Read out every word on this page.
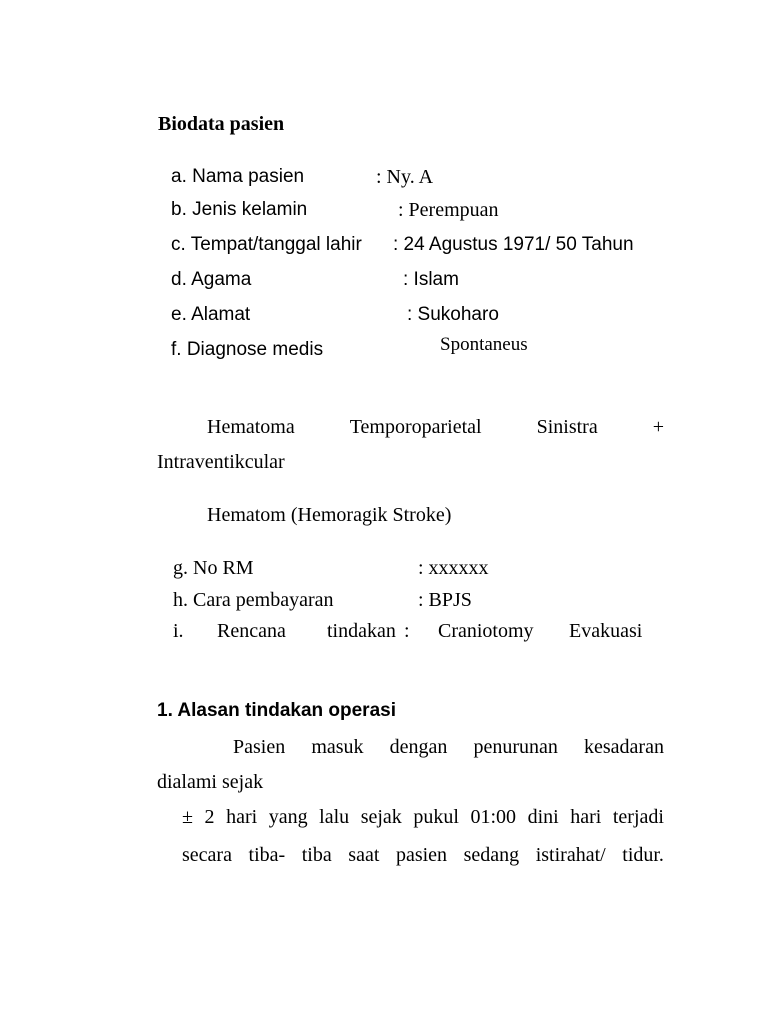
Biodata pasien
a. Nama pasien	: Ny. A
b. Jenis kelamin	: Perempuan
c. Tempat/tanggal lahir : 24 Agustus 1971/ 50 Tahun
d. Agama	: Islam
e. Alamat	: Sukoharo
f. Diagnose medis	Spontaneus
Hematoma	Temporoparietal	Sinistra	+
Intraventikcular
Hematom (Hemoragik Stroke)
g. No RM	: xxxxxx
h. Cara pembayaran	: BPJS
i. Rencana tindakan : Craniotomy Evakuasi
1. Alasan tindakan operasi
Pasien masuk dengan penurunan kesadaran
dialami sejak
± 2 hari yang lalu sejak pukul 01:00 dini hari terjadi
secara tiba- tiba saat pasien sedang istirahat/ tidur.
